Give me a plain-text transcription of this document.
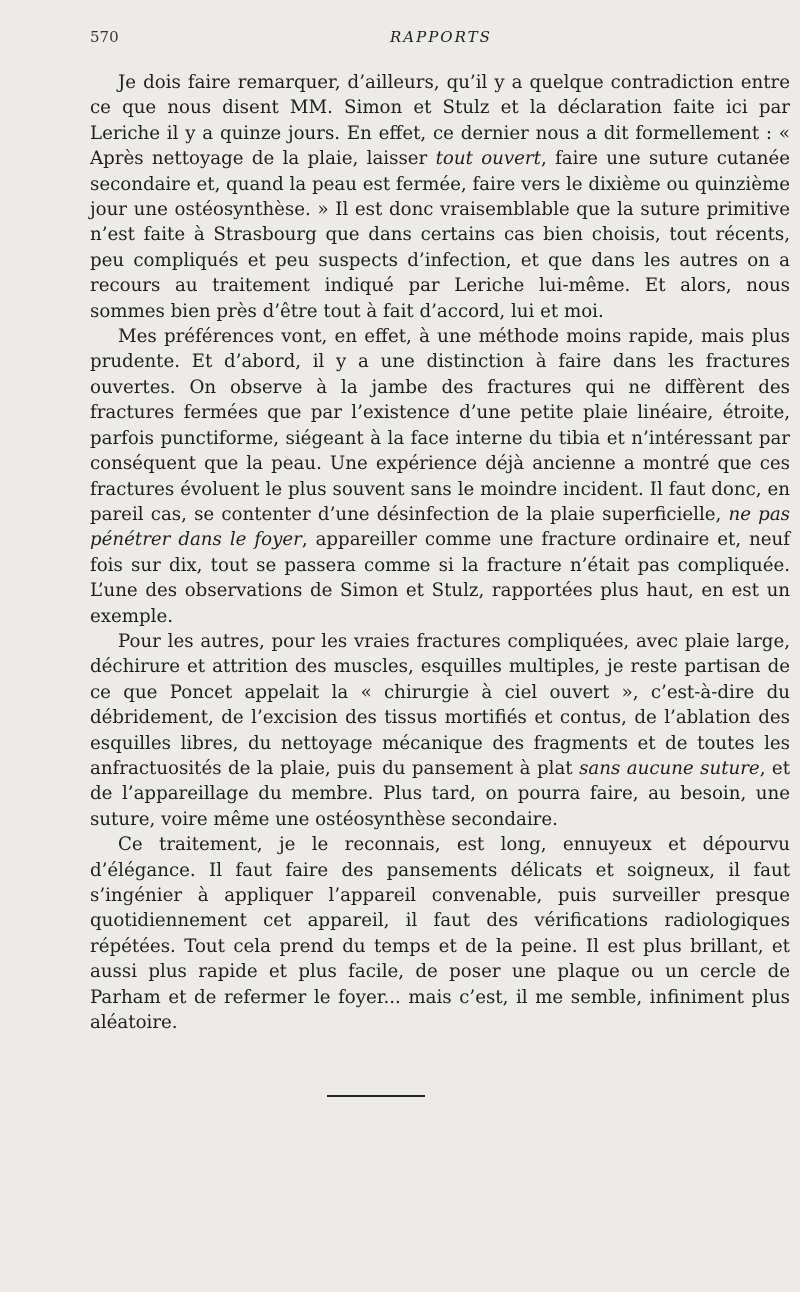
570	RAPPORTS

Je dois faire remarquer, d’ailleurs, qu’il y a quelque contradiction entre ce que nous disent MM. Simon et Stulz et la déclaration faite ici par Leriche il y a quinze jours. En effet, ce dernier nous a dit formellement : « Après nettoyage de la plaie, laisser tout ouvert, faire une suture cutanée secondaire et, quand la peau est fermée, faire vers le dixième ou quinzième jour une ostéosynthèse. » Il est donc vraisemblable que la suture primitive n’est faite à Strasbourg que dans certains cas bien choisis, tout récents, peu compliqués et peu suspects d’infection, et que dans les autres on a recours au traitement indiqué par Leriche lui-même. Et alors, nous sommes bien près d’être tout à fait d’accord, lui et moi.

Mes préférences vont, en effet, à une méthode moins rapide, mais plus prudente. Et d’abord, il y a une distinction à faire dans les fractures ouvertes. On observe à la jambe des fractures qui ne diffèrent des fractures fermées que par l’existence d’une petite plaie linéaire, étroite, parfois punctiforme, siégeant à la face interne du tibia et n’intéressant par conséquent que la peau. Une expérience déjà ancienne a montré que ces fractures évoluent le plus souvent sans le moindre incident. Il faut donc, en pareil cas, se contenter d’une désinfection de la plaie superficielle, ne pas pénétrer dans le foyer, appareiller comme une fracture ordinaire et, neuf fois sur dix, tout se passera comme si la fracture n’était pas compliquée. L’une des observations de Simon et Stulz, rapportées plus haut, en est un exemple.

Pour les autres, pour les vraies fractures compliquées, avec plaie large, déchirure et attrition des muscles, esquilles multiples, je reste partisan de ce que Poncet appelait la « chirurgie à ciel ouvert », c’est-à-dire du débridement, de l’excision des tissus mortifiés et contus, de l’ablation des esquilles libres, du nettoyage mécanique des fragments et de toutes les anfractuosités de la plaie, puis du pansement à plat sans aucune suture, et de l’appareillage du membre. Plus tard, on pourra faire, au besoin, une suture, voire même une ostéosynthèse secondaire.

Ce traitement, je le reconnais, est long, ennuyeux et dépourvu d’élégance. Il faut faire des pansements délicats et soigneux, il faut s’ingénier à appliquer l’appareil convenable, puis surveiller presque quotidiennement cet appareil, il faut des vérifications radiologiques répétées. Tout cela prend du temps et de la peine. Il est plus brillant, et aussi plus rapide et plus facile, de poser une plaque ou un cercle de Parham et de refermer le foyer... mais c’est, il me semble, infiniment plus aléatoire.
